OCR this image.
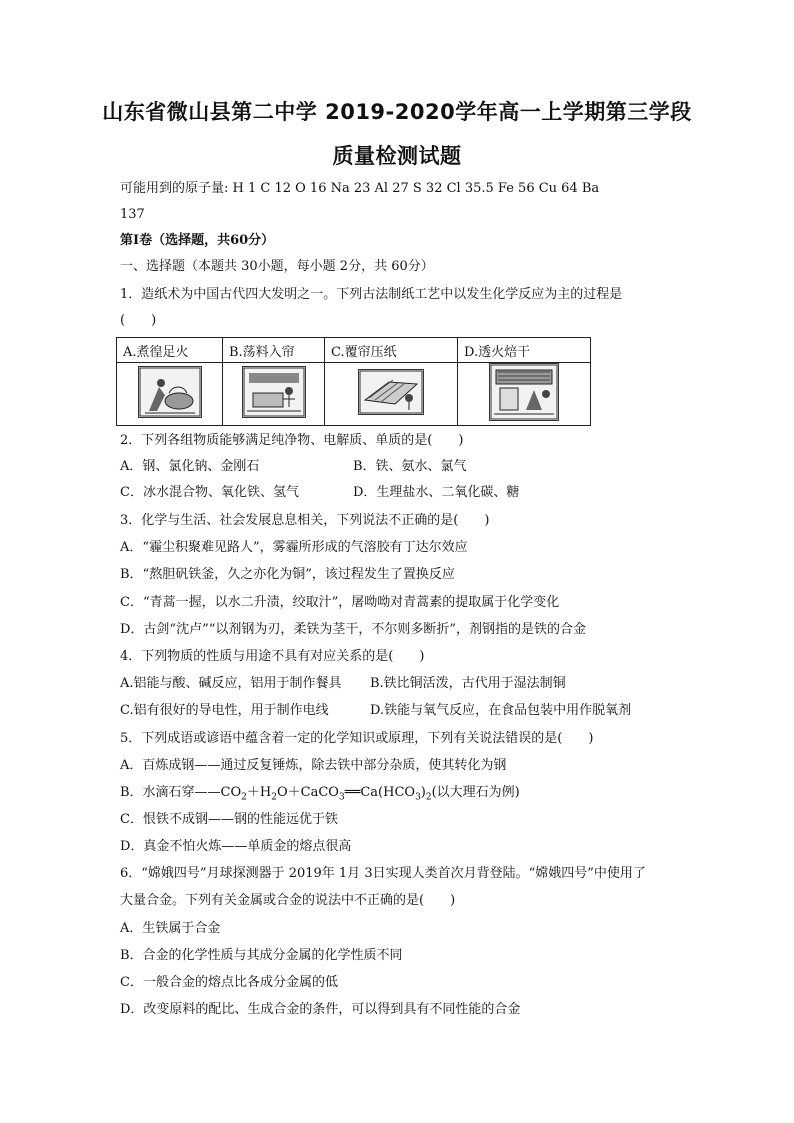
山东省微山县第二中学 2019-2020学年高一上学期第三学段
质量检测试题
可能用到的原子量: H 1 C 12 O 16 Na 23 Al 27 S 32 Cl 35.5 Fe 56 Cu 64 Ba
137
第Ⅰ卷（选择题，共60分）
一、选择题（本题共 30小题，每小题 2分，共 60分）
1．造纸术为中国古代四大发明之一。下列古法制纸工艺中以发生化学反应为主的过程是
(　　)
A.煮徨足火	B.荡料入帘	C.覆帘压纸	D.透火焙干

2．下列各组物质能够满足纯净物、电解质、单质的是(　　)
A．钢、氯化钠、金刚石	B．铁、氨水、氯气
C．冰水混合物、氧化铁、氢气	D．生理盐水、二氧化碳、糖
3．化学与生活、社会发展息息相关，下列说法不正确的是(　　)
A．“霾尘积聚难见路人”，雾霾所形成的气溶胶有丁达尔效应
B．“熬胆矾铁釜，久之亦化为铜”，该过程发生了置换反应
C．“青蒿一握，以水二升渍，绞取汁”，屠呦呦对青蒿素的提取属于化学变化
D．古剑“沈卢”“以剂钢为刃，柔铁为茎干，不尔则多断折”，剂钢指的是铁的合金
4．下列物质的性质与用途不具有对应关系的是(　　)
A.铝能与酸、碱反应，铝用于制作餐具 B.铁比铜活泼，古代用于湿法制铜
C.铝有很好的导电性，用于制作电线	D.铁能与氧气反应，在食品包装中用作脱氧剂
5．下列成语或谚语中蕴含着一定的化学知识或原理，下列有关说法错误的是(　　)
A．百炼成钢——通过反复锤炼，除去铁中部分杂质，使其转化为钢
B．水滴石穿$——CO_2+H_2O+CaCO_3══Ca(HCO_3)_2$(以大理石为例)
C．恨铁不成钢——钢的性能远优于铁
D．真金不怕火炼——单质金的熔点很高
6．“嫦娥四号”月球探测器于 2019年 1月 3日实现人类首次月背登陆。“嫦娥四号”中使用了
大量合金。下列有关金属或合金的说法中不正确的是(　　)
A．生铁属于合金
B．合金的化学性质与其成分金属的化学性质不同
C．一般合金的熔点比各成分金属的低
D．改变原料的配比、生成合金的条件，可以得到具有不同性能的合金
